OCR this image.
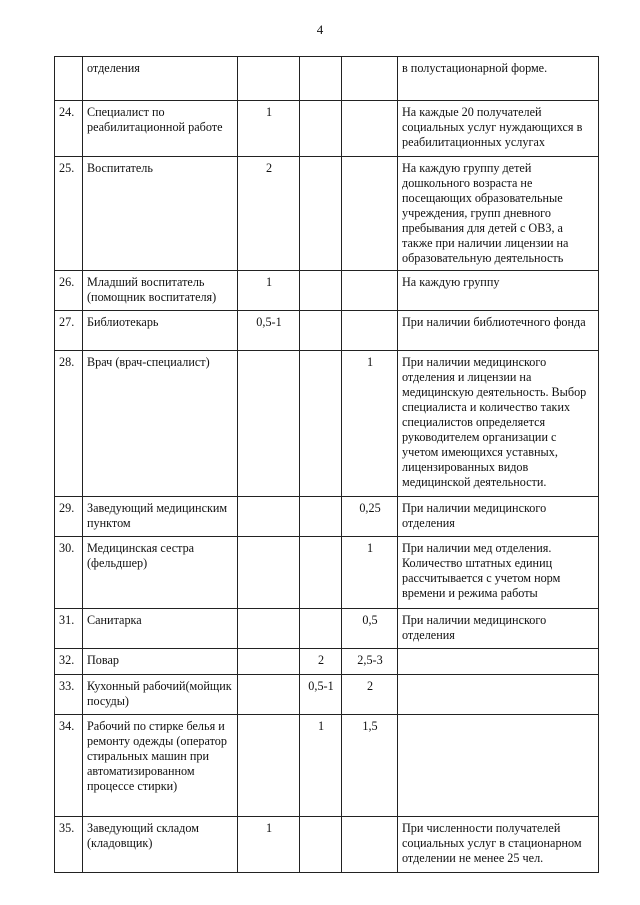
4
	отделения				в полустационарной форме.
24.	Специалист по реабилитационной работе	1			На каждые 20 получателей социальных услуг нуждающихся в реабилитационных услугах
25.	Воспитатель	2			На каждую группу детей дошкольного возраста не посещающих образовательные учреждения, групп дневного пребывания для детей с ОВЗ, а также при наличии лицензии на образовательную деятельность
26.	Младший воспитатель (помощник воспитателя)	1			На каждую группу
27.	Библиотекарь	0,5-1			При наличии библиотечного фонда
28.	Врач (врач-специалист)			1	При наличии медицинского отделения и лицензии на медицинскую деятельность. Выбор специалиста и количество таких специалистов определяется руководителем организации с учетом имеющихся уставных, лицензированных видов медицинской деятельности.
29.	Заведующий медицинским пунктом			0,25	При наличии медицинского отделения
30.	Медицинская сестра (фельдшер)			1	При наличии мед отделения. Количество штатных единиц рассчитывается с учетом норм времени и режима работы
31.	Санитарка			0,5	При наличии медицинского отделения
32.	Повар		2	2,5-3	
33.	Кухонный рабочий(мойщик посуды)		0,5-1	2	
34.	Рабочий по стирке белья и ремонту одежды (оператор стиральных машин при автоматизированном процессе стирки)		1	1,5	
35.	Заведующий складом (кладовщик)	1			При численности получателей социальных услуг в стационарном отделении не менее 25 чел.
